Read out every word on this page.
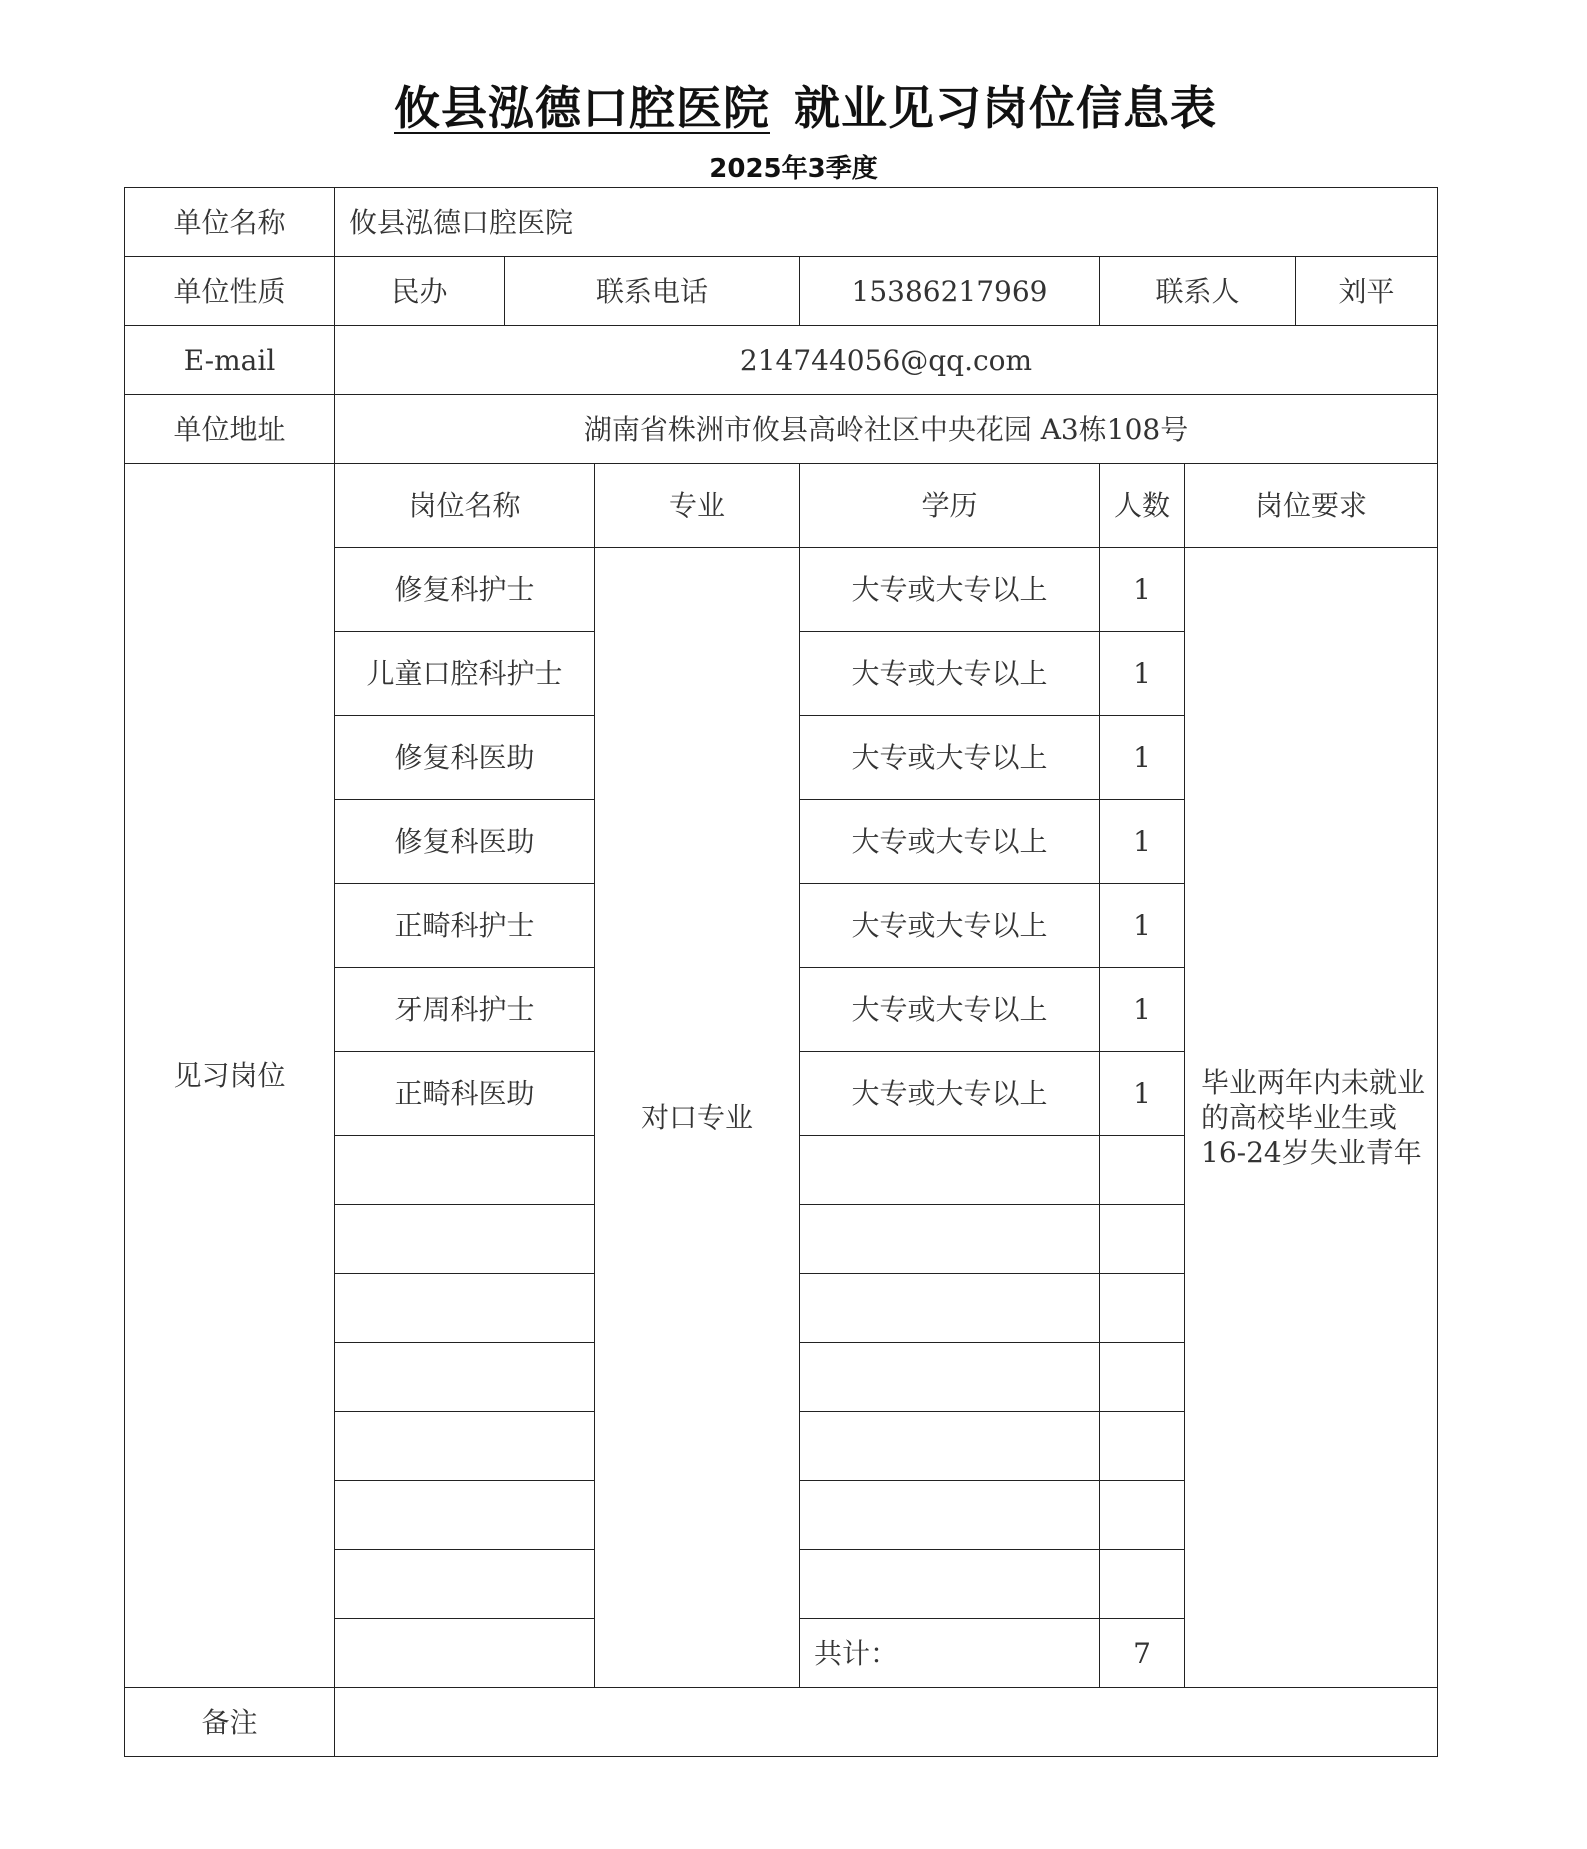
攸县泓德口腔医院 就业见习岗位信息表
2025年3季度
单位名称	攸县泓德口腔医院						
单位性质	民办	联系电话		15386217969	联系人		刘平
E-mail	214744056@qq.com						
单位地址	湖南省株洲市攸县高岭社区中央花园 A3栋108号						
见习岗位	岗位名称		专业	学历	人数	岗位要求	
	修复科护士		对口专业	大专或大专以上	1	毕业两年内未就业的高校毕业生或16-24岁失业青年	
	儿童口腔科护士			大专或大专以上	1		
	修复科医助			大专或大专以上	1		
	修复科医助			大专或大专以上	1		
	正畸科护士			大专或大专以上	1		
	牙周科护士			大专或大专以上	1		
	正畸科医助			大专或大专以上	1		

				共计：	7		
备注							
